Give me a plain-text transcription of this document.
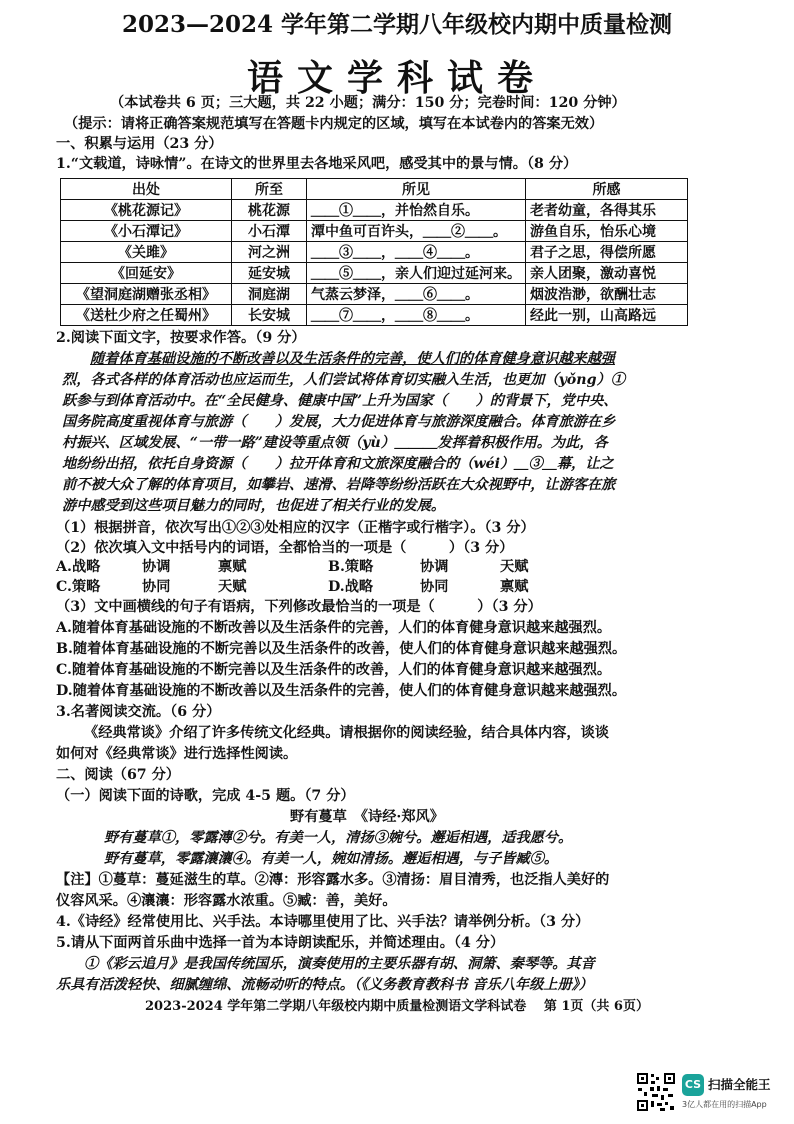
2023—2024 学年第二学期八年级校内期中质量检测
语文学科试卷
（本试卷共 6 页；三大题，共 22 小题；满分：150 分；完卷时间：120 分钟）
（提示：请将正确答案规范填写在答题卡内规定的区域，填写在本试卷内的答案无效）
一、积累与运用（23 分）
1.“文载道，诗咏情”。在诗文的世界里去各地采风吧，感受其中的景与情。（8 分）
出处	所至	所见	所感
《桃花源记》	桃花源	＿＿①＿＿，并怡然自乐。	老者幼童，各得其乐
《小石潭记》	小石潭	潭中鱼可百许头，＿＿②＿＿。	游鱼自乐，怡乐心境
《关雎》	河之洲	＿＿③＿＿，＿＿④＿＿。	君子之思，得偿所愿
《回延安》	延安城	＿＿⑤＿＿，亲人们迎过延河来。	亲人团聚，激动喜悦
《望洞庭湖赠张丞相》	洞庭湖	气蒸云梦泽，＿＿⑥＿＿。	烟波浩渺，欲酬壮志
《送杜少府之任蜀州》	长安城	＿＿⑦＿＿，＿＿⑧＿＿。	经此一别，山高路远
2.阅读下面文字，按要求作答。（9 分）
随着体育基础设施的不断改善以及生活条件的完善，使人们的体育健身意识越来越强
烈，各式各样的体育活动也应运而生，人们尝试将体育切实融入生活，也更加（yǒng）①
跃参与到体育活动中。在“全民健身、健康中国”上升为国家（　　）的背景下，党中央、
国务院高度重视体育与旅游（　　）发展，大力促进体育与旅游深度融合。体育旅游在乡
村振兴、区域发展、“一带一路”建设等重点领（yù）＿＿＿发挥着积极作用。为此，各
地纷纷出招，依托自身资源（　　）拉开体育和文旅深度融合的（wéi）＿③＿幕，让之
前不被大众了解的体育项目，如攀岩、速滑、岩降等纷纷活跃在大众视野中，让游客在旅
游中感受到这些项目魅力的同时，也促进了相关行业的发展。
（1）根据拼音，依次写出①②③处相应的汉字（正楷字或行楷字）。（3 分）
（2）依次填入文中括号内的词语，全都恰当的一项是（　　　）（3 分）
A.战略	协调	禀赋	B.策略	协调	天赋
C.策略	协同	天赋	D.战略	协同	禀赋
（3）文中画横线的句子有语病，下列修改最恰当的一项是（　　　）（3 分）
A.随着体育基础设施的不断改善以及生活条件的完善，人们的体育健身意识越来越强烈。
B.随着体育基础设施的不断完善以及生活条件的改善，使人们的体育健身意识越来越强烈。
C.随着体育基础设施的不断完善以及生活条件的改善，人们的体育健身意识越来越强烈。
D.随着体育基础设施的不断改善以及生活条件的完善，使人们的体育健身意识越来越强烈。
3.名著阅读交流。（6 分）
《经典常谈》介绍了许多传统文化经典。请根据你的阅读经验，结合具体内容，谈谈
如何对《经典常谈》进行选择性阅读。
二、阅读（67 分）
（一）阅读下面的诗歌，完成 4-5 题。（7 分）
野有蔓草　《诗经·郑风》
野有蔓草①，零露漙②兮。有美一人，清扬③婉兮。邂逅相遇，适我愿兮。
野有蔓草，零露瀼瀼④。有美一人，婉如清扬。邂逅相遇，与子皆臧⑤。
【注】①蔓草：蔓延滋生的草。②漙：形容露水多。③清扬：眉目清秀，也泛指人美好的
仪容风采。④瀼瀼：形容露水浓重。⑤臧：善，美好。
4.《诗经》经常使用比、兴手法。本诗哪里使用了比、兴手法？请举例分析。（3 分）
5.请从下面两首乐曲中选择一首为本诗朗读配乐，并简述理由。（4 分）
①《彩云追月》是我国传统国乐，演奏使用的主要乐器有胡、洞箫、秦琴等。其音
乐具有活泼轻快、细腻缠绵、流畅动听的特点。（《义务教育教科书 音乐八年级上册》）
2023-2024 学年第二学期八年级校内期中质量检测语文学科试卷　 第 1页（共 6页）
CS 扫描全能王
3亿人都在用的扫描App
